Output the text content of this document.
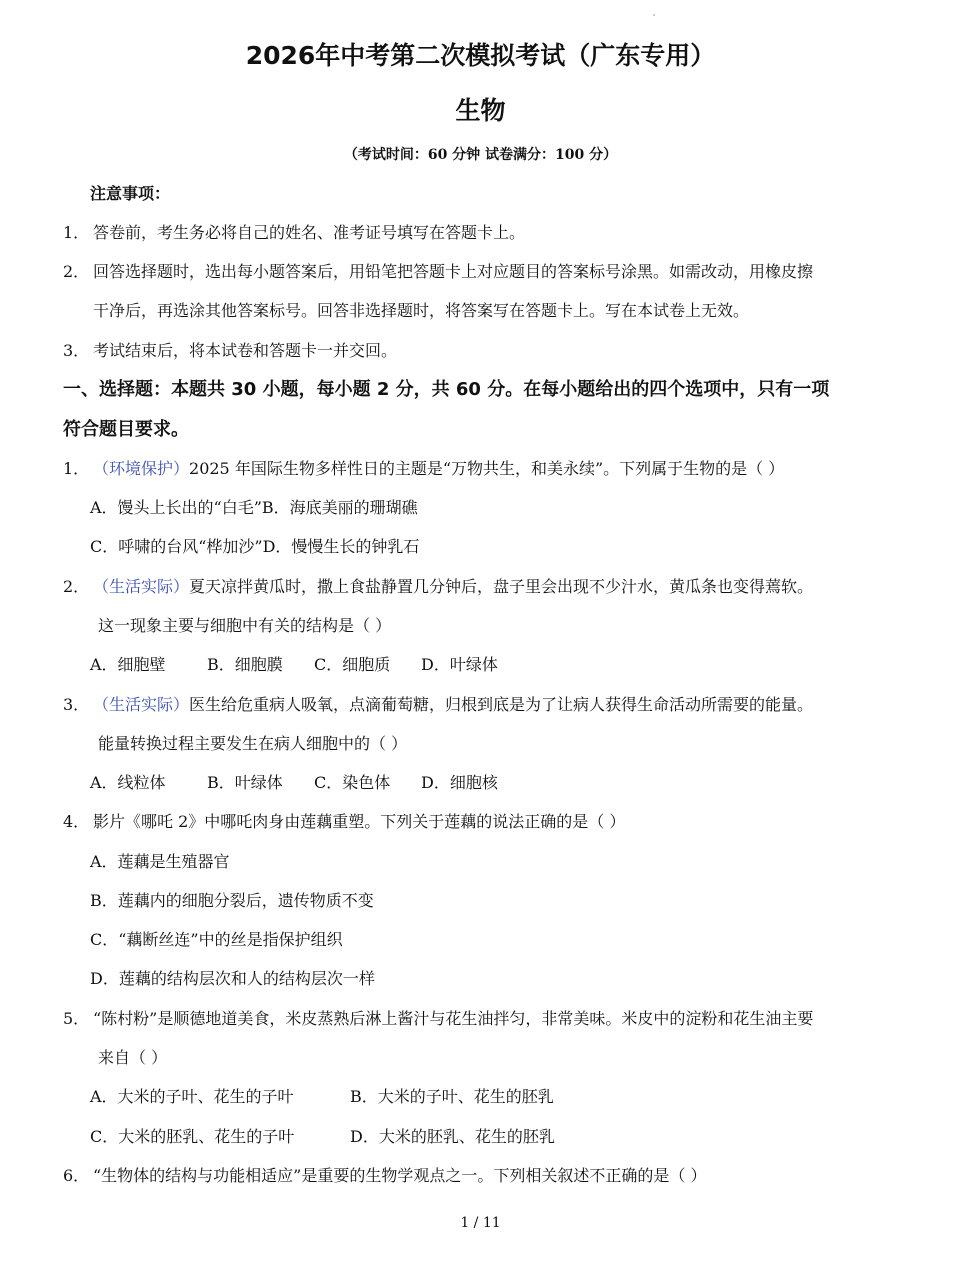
2026年中考第二次模拟考试（广东专用）
生物
（考试时间：60 分钟 试卷满分：100 分）
注意事项：
1． 答卷前，考生务必将自己的姓名、准考证号填写在答题卡上。
2． 回答选择题时，选出每小题答案后，用铅笔把答题卡上对应题目的答案标号涂黑。如需改动，用橡皮擦
干净后，再选涂其他答案标号。回答非选择题时，将答案写在答题卡上。写在本试卷上无效。
3． 考试结束后，将本试卷和答题卡一并交回。
一、选择题：本题共 30 小题，每小题 2 分，共 60 分。在每小题给出的四个选项中，只有一项
符合题目要求。
1． （环境保护）2025 年国际生物多样性日的主题是“万物共生，和美永续”。下列属于生物的是（ ）
A．馒头上长出的“白毛”B．海底美丽的珊瑚礁
C．呼啸的台风“桦加沙”D．慢慢生长的钟乳石
2． （生活实际）夏天凉拌黄瓜时，撒上食盐静置几分钟后，盘子里会出现不少汁水，黄瓜条也变得蔫软。
这一现象主要与细胞中有关的结构是（ ）
A．细胞壁	B．细胞膜 C．细胞质 D．叶绿体
3． （生活实际）医生给危重病人吸氧，点滴葡萄糖，归根到底是为了让病人获得生命活动所需要的能量。
能量转换过程主要发生在病人细胞中的（ ）
A．线粒体	B．叶绿体 C．染色体 D．细胞核
4． 影片《哪吒 2》中哪吒肉身由莲藕重塑。下列关于莲藕的说法正确的是（ ）
A．莲藕是生殖器官
B．莲藕内的细胞分裂后，遗传物质不变
C．“藕断丝连”中的丝是指保护组织
D．莲藕的结构层次和人的结构层次一样
5． “陈村粉”是顺德地道美食，米皮蒸熟后淋上酱汁与花生油拌匀，非常美味。米皮中的淀粉和花生油主要
来自（ ）
A．大米的子叶、花生的子叶	B．大米的子叶、花生的胚乳
C．大米的胚乳、花生的子叶	D．大米的胚乳、花生的胚乳
6． “生物体的结构与功能相适应”是重要的生物学观点之一。下列相关叙述不正确的是（ ）
1 / 11
